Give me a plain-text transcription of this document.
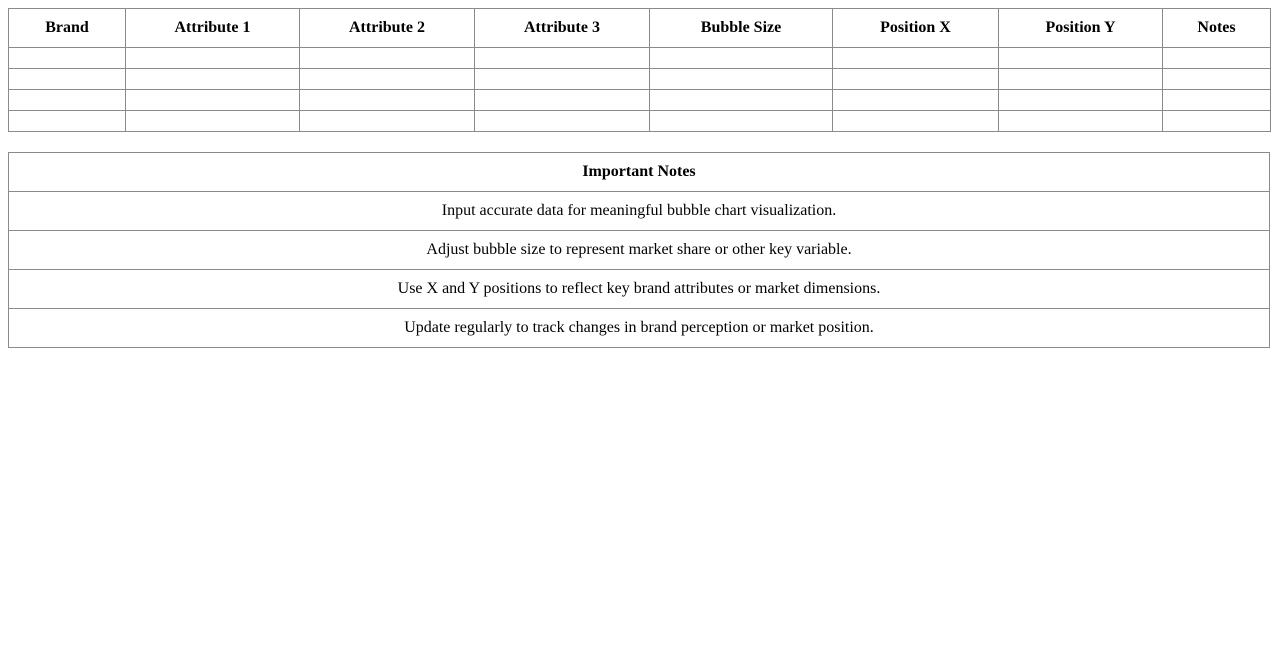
Brand	Attribute 1	Attribute 2	Attribute 3	Bubble Size	Position X	Position Y	Notes

Important Notes
Input accurate data for meaningful bubble chart visualization.
Adjust bubble size to represent market share or other key variable.
Use X and Y positions to reflect key brand attributes or market dimensions.
Update regularly to track changes in brand perception or market position.
